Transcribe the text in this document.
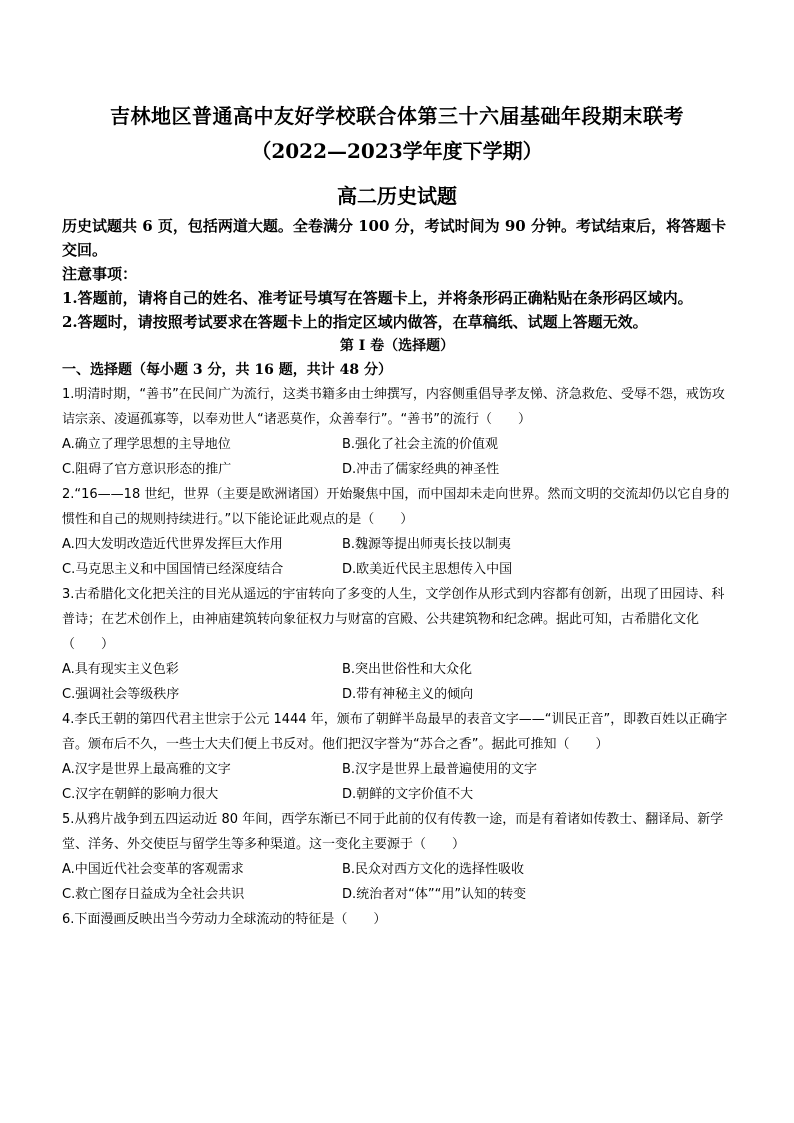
吉林地区普通高中友好学校联合体第三十六届基础年段期末联考
（2022—2023学年度下学期）
高二历史试题

历史试题共 6 页，包括两道大题。全卷满分 100 分，考试时间为 90 分钟。考试结束后，将答题卡交回。

注意事项：

1.答题前，请将自己的姓名、准考证号填写在答题卡上，并将条形码正确粘贴在条形码区域内。

2.答题时，请按照考试要求在答题卡上的指定区域内做答，在草稿纸、试题上答题无效。

第 I 卷（选择题）

一、选择题（每小题 3 分，共 16 题，共计 48 分）

1.明清时期，“善书”在民间广为流行，这类书籍多由士绅撰写，内容侧重倡导孝友悌、济急救危、受辱不怨，戒饬攻诘宗亲、凌逼孤寡等，以奉劝世人“诸恶莫作，众善奉行”。“善书”的流行（　　）

A.确立了理学思想的主导地位	B.强化了社会主流的价值观
C.阻碍了官方意识形态的推广	D.冲击了儒家经典的神圣性

2.“16——18 世纪，世界（主要是欧洲诸国）开始聚焦中国，而中国却未走向世界。然而文明的交流却仍以它自身的惯性和自己的规则持续进行。”以下能论证此观点的是（　　）

A.四大发明改造近代世界发挥巨大作用	B.魏源等提出师夷长技以制夷
C.马克思主义和中国国情已经深度结合	D.欧美近代民主思想传入中国

3.古希腊化文化把关注的目光从遥远的宇宙转向了多变的人生，文学创作从形式到内容都有创新，出现了田园诗、科普诗；在艺术创作上，由神庙建筑转向象征权力与财富的宫殿、公共建筑物和纪念碑。据此可知，古希腊化文化（　　）

A.具有现实主义色彩	B.突出世俗性和大众化
C.强调社会等级秩序	D.带有神秘主义的倾向

4.李氏王朝的第四代君主世宗于公元 1444 年，颁布了朝鲜半岛最早的表音文字——“训民正音”，即教百姓以正确字音。颁布后不久，一些士大夫们便上书反对。他们把汉字誉为“苏合之香”。据此可推知（　　）

A.汉字是世界上最高雅的文字	B.汉字是世界上最普遍使用的文字
C.汉字在朝鲜的影响力很大	D.朝鲜的文字价值不大

5.从鸦片战争到五四运动近 80 年间，西学东渐已不同于此前的仅有传教一途，而是有着诸如传教士、翻译局、新学堂、洋务、外交使臣与留学生等多种渠道。这一变化主要源于（　　）

A.中国近代社会变革的客观需求	B.民众对西方文化的选择性吸收
C.救亡图存日益成为全社会共识	D.统治者对“体”“用”认知的转变

6.下面漫画反映出当今劳动力全球流动的特征是（　　）
